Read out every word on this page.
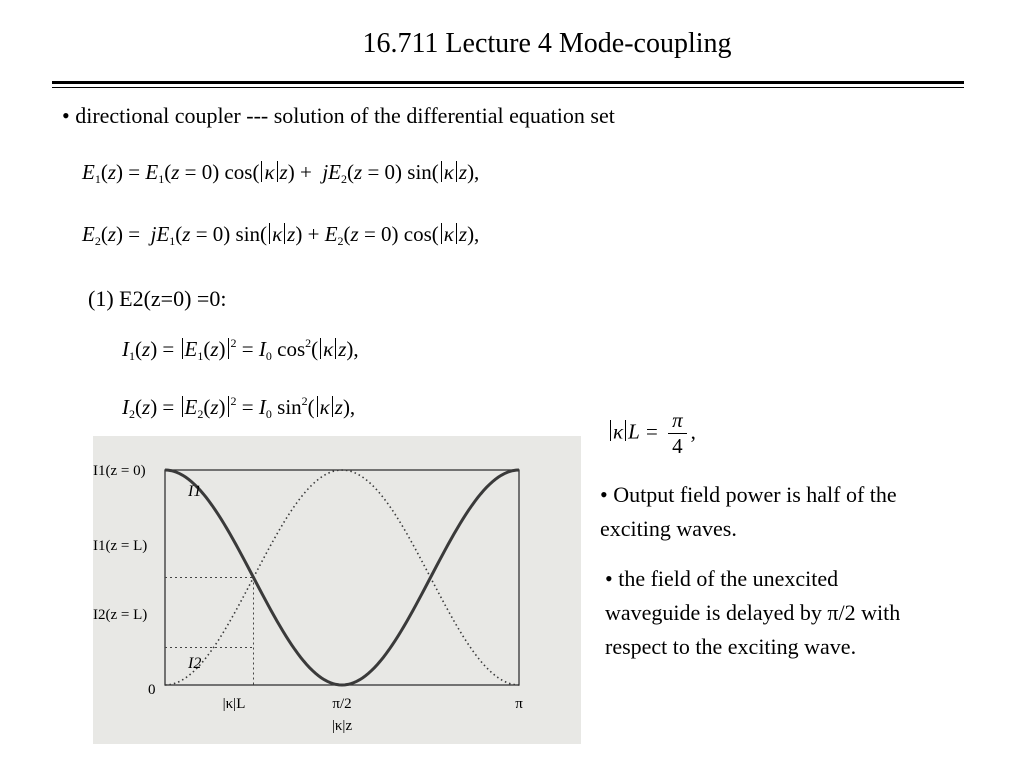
16.711 Lecture 4 Mode-coupling
• directional coupler --- solution of the differential equation set
$E_1(z) = E_1(z = 0)$ cos( κ $z) + jE_2(z = 0)$ sin( κ z),
$E_2(z) = jE_1(z = 0)$ sin( κ $z) + E_2(z = 0)$ cos( κ z),
(1) E2(z=0) =0:
$I_1(z) = E_1(z) ^2 = I_0$ $\cos^2$( κ z),
$I_2(z) = E_2(z) ^2 = I_0$ $\sin^2$( κ z),
κ $L = \frac{\pi}{4}$ ,
• Output field power is half of the exciting waves.
• the field of the unexcited waveguide is delayed by π/2 with respect to the exciting wave.
I1(z = 0)
I1(z = L)
I2(z = L)
0
I1
I2
|κ|L	π/2	π
|κ|z
